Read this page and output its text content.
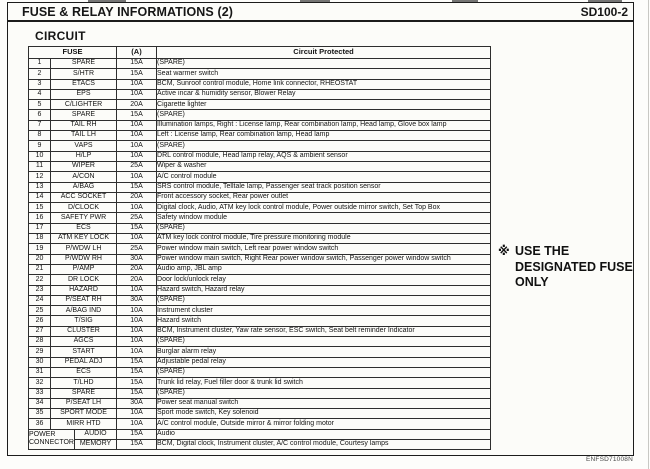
FUSE & RELAY INFORMATIONS (2)	SD100-2
CIRCUIT
FUSE			(A)	Circuit Protected
1	SPARE		15A	(SPARE)
2	S/HTR		15A	Seat warmer switch
3	ETACS		10A	BCM, Sunroof control module, Home link connector, RHEOSTAT
4	EPS		10A	Active incar & humidity sensor, Blower Relay
5	C/LIGHTER		20A	Cigarette lighter
6	SPARE		15A	(SPARE)
7	TAIL RH		10A	Illumination lamps, Right : License lamp, Rear combination lamp, Head lamp, Glove box lamp
8	TAIL LH		10A	Left : License lamp, Rear combination lamp, Head lamp
9	VAPS		10A	(SPARE)
10	H/LP		10A	DRL control module, Head lamp relay, AQS & ambient sensor
11	WIPER		25A	Wiper & washer
12	A/CON		10A	A/C control module
13	A/BAG		15A	SRS control module, Telltale lamp, Passenger seat track position sensor
14	ACC SOCKET		20A	Front accessory socket, Rear power outlet
15	D/CLOCK		10A	Digital clock, Audio, ATM key lock control module, Power outside mirror switch, Set Top Box
16	SAFETY PWR		25A	Safety window module
17	ECS		15A	(SPARE)
18	ATM KEY LOCK		10A	ATM key lock control module, Tire pressure monitoring module
19	P/WDW LH		25A	Power window main switch, Left rear power window switch
20	P/WDW RH		30A	Power window main switch, Right Rear power window switch, Passenger power window switch
21	P/AMP		20A	Audio amp, JBL amp
22	DR LOCK		20A	Door lock/unlock relay
23	HAZARD		10A	Hazard switch, Hazard relay
24	P/SEAT RH		30A	(SPARE)
25	A/BAG IND		10A	Instrument cluster
26	T/SIG		10A	Hazard switch
27	CLUSTER		10A	BCM, Instrument cluster, Yaw rate sensor, ESC switch, Seat belt reminder Indicator
28	AGCS		10A	(SPARE)
29	START		10A	Burglar alarm relay
30	PEDAL ADJ		15A	Adjustable pedal relay
31	ECS		15A	(SPARE)
32	T/LHD		15A	Trunk lid relay, Fuel filler door & trunk lid switch
33	SPARE		15A	(SPARE)
34	P/SEAT LH		30A	Power seat manual switch
35	SPORT MODE		10A	Sport mode switch, Key solenoid
36	MIRR HTD		10A	A/C control module, Outside mirror & mirror folding motor

POWER
CONNECTOR		AUDIO	15A	Audio
		MEMORY	15A	BCM, Digital clock, Instrument cluster, A/C control module, Courtesy lamps
※ USE THE
DESIGNATED FUSE
ONLY
ENFSD71008N
